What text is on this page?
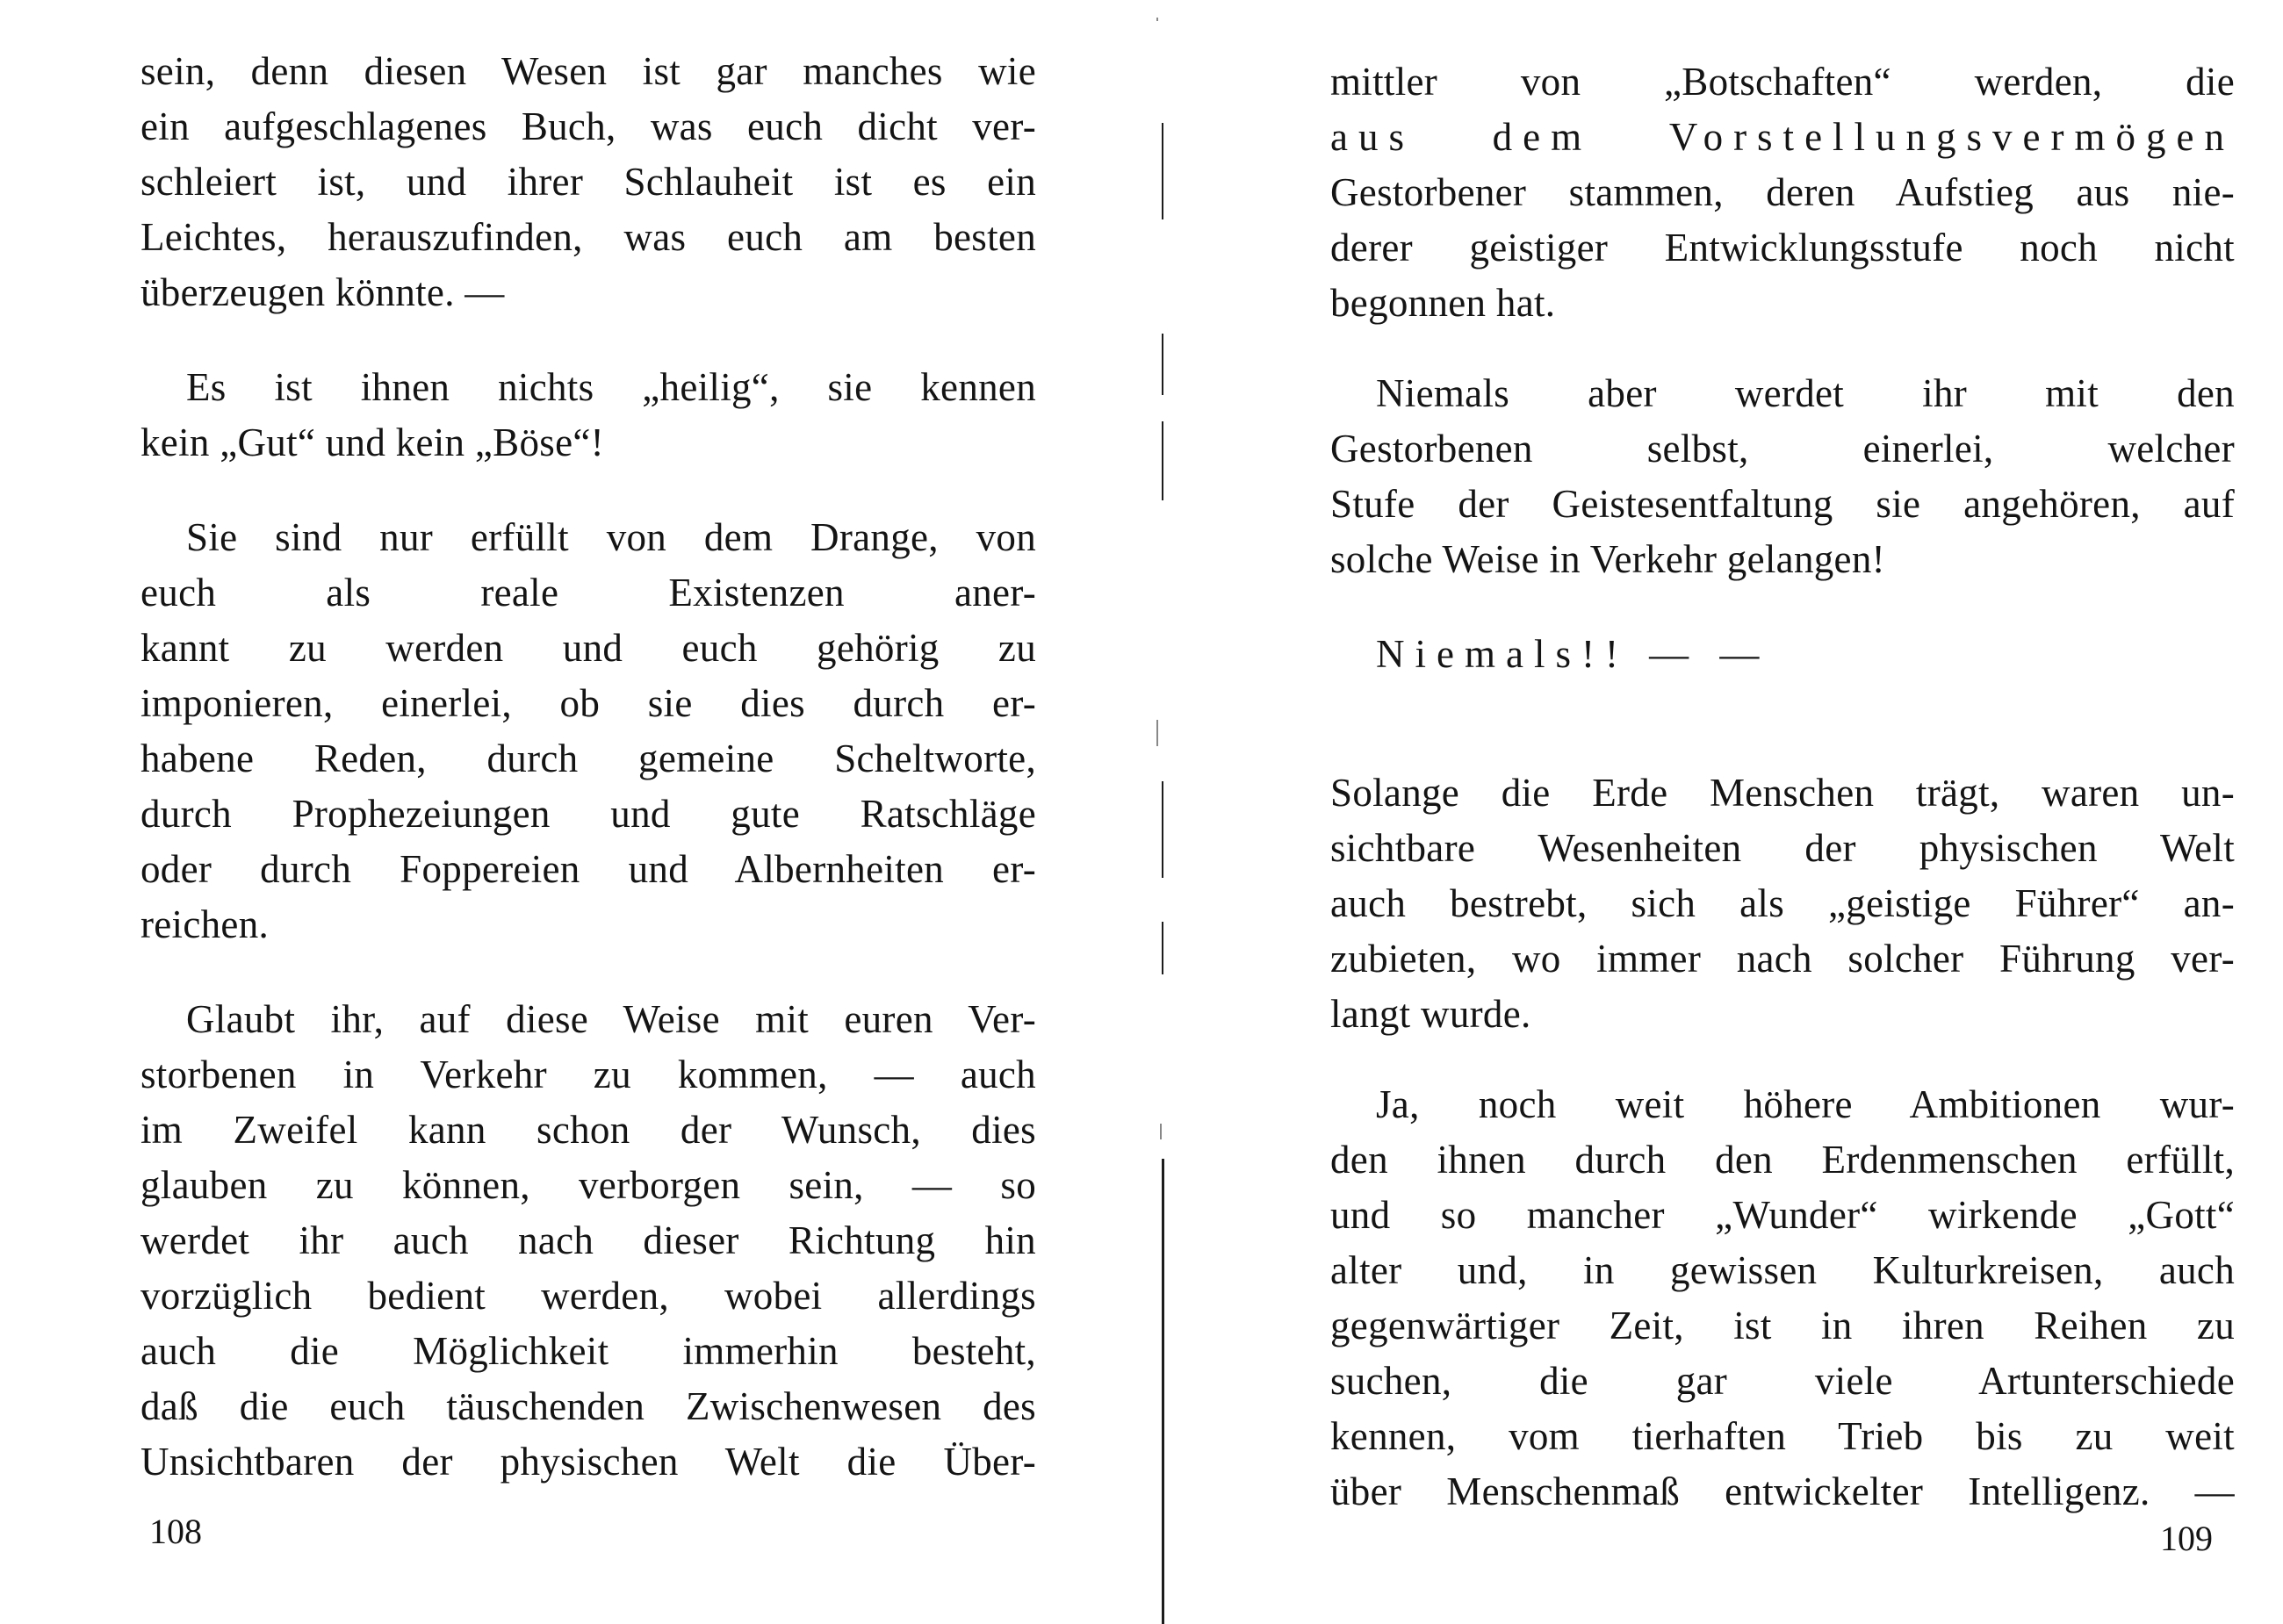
sein, denn diesen Wesen ist gar manches wie
ein aufgeschlagenes Buch, was euch dicht ver-
schleiert ist, und ihrer Schlauheit ist es ein
Leichtes, herauszufinden, was euch am besten
überzeugen könnte. —
Es ist ihnen nichts „heilig“, sie kennen
kein „Gut“ und kein „Böse“!
Sie sind nur erfüllt von dem Drange, von
euch als reale Existenzen aner-
kannt zu werden und euch gehörig zu
imponieren, einerlei, ob sie dies durch er-
habene Reden, durch gemeine Scheltworte,
durch Prophezeiungen und gute Ratschläge
oder durch Foppereien und Albernheiten er-
reichen.
Glaubt ihr, auf diese Weise mit euren Ver-
storbenen in Verkehr zu kommen, — auch
im Zweifel kann schon der Wunsch, dies
glauben zu können, verborgen sein, — so
werdet ihr auch nach dieser Richtung hin
vorzüglich bedient werden, wobei allerdings
auch die Möglichkeit immerhin besteht,
daß die euch täuschenden Zwischenwesen des
Unsichtbaren der physischen Welt die Über-
108
mittler von „Botschaften“ werden, die
aus dem Vorstellungsvermögen
Gestorbener stammen, deren Aufstieg aus nie-
derer geistiger Entwicklungsstufe noch nicht
begonnen hat.
Niemals aber werdet ihr mit den
Gestorbenen selbst, einerlei, welcher
Stufe der Geistesentfaltung sie angehören, auf
solche Weise in Verkehr gelangen!
Niemals!! — —
Solange die Erde Menschen trägt, waren un-
sichtbare Wesenheiten der physischen Welt
auch bestrebt, sich als „geistige Führer“ an-
zubieten, wo immer nach solcher Führung ver-
langt wurde.
Ja, noch weit höhere Ambitionen wur-
den ihnen durch den Erdenmenschen erfüllt,
und so mancher „Wunder“ wirkende „Gott“
alter und, in gewissen Kulturkreisen, auch
gegenwärtiger Zeit, ist in ihren Reihen zu
suchen, die gar viele Artunterschiede
kennen, vom tierhaften Trieb bis zu weit
über Menschenmaß entwickelter Intelligenz. —
109
